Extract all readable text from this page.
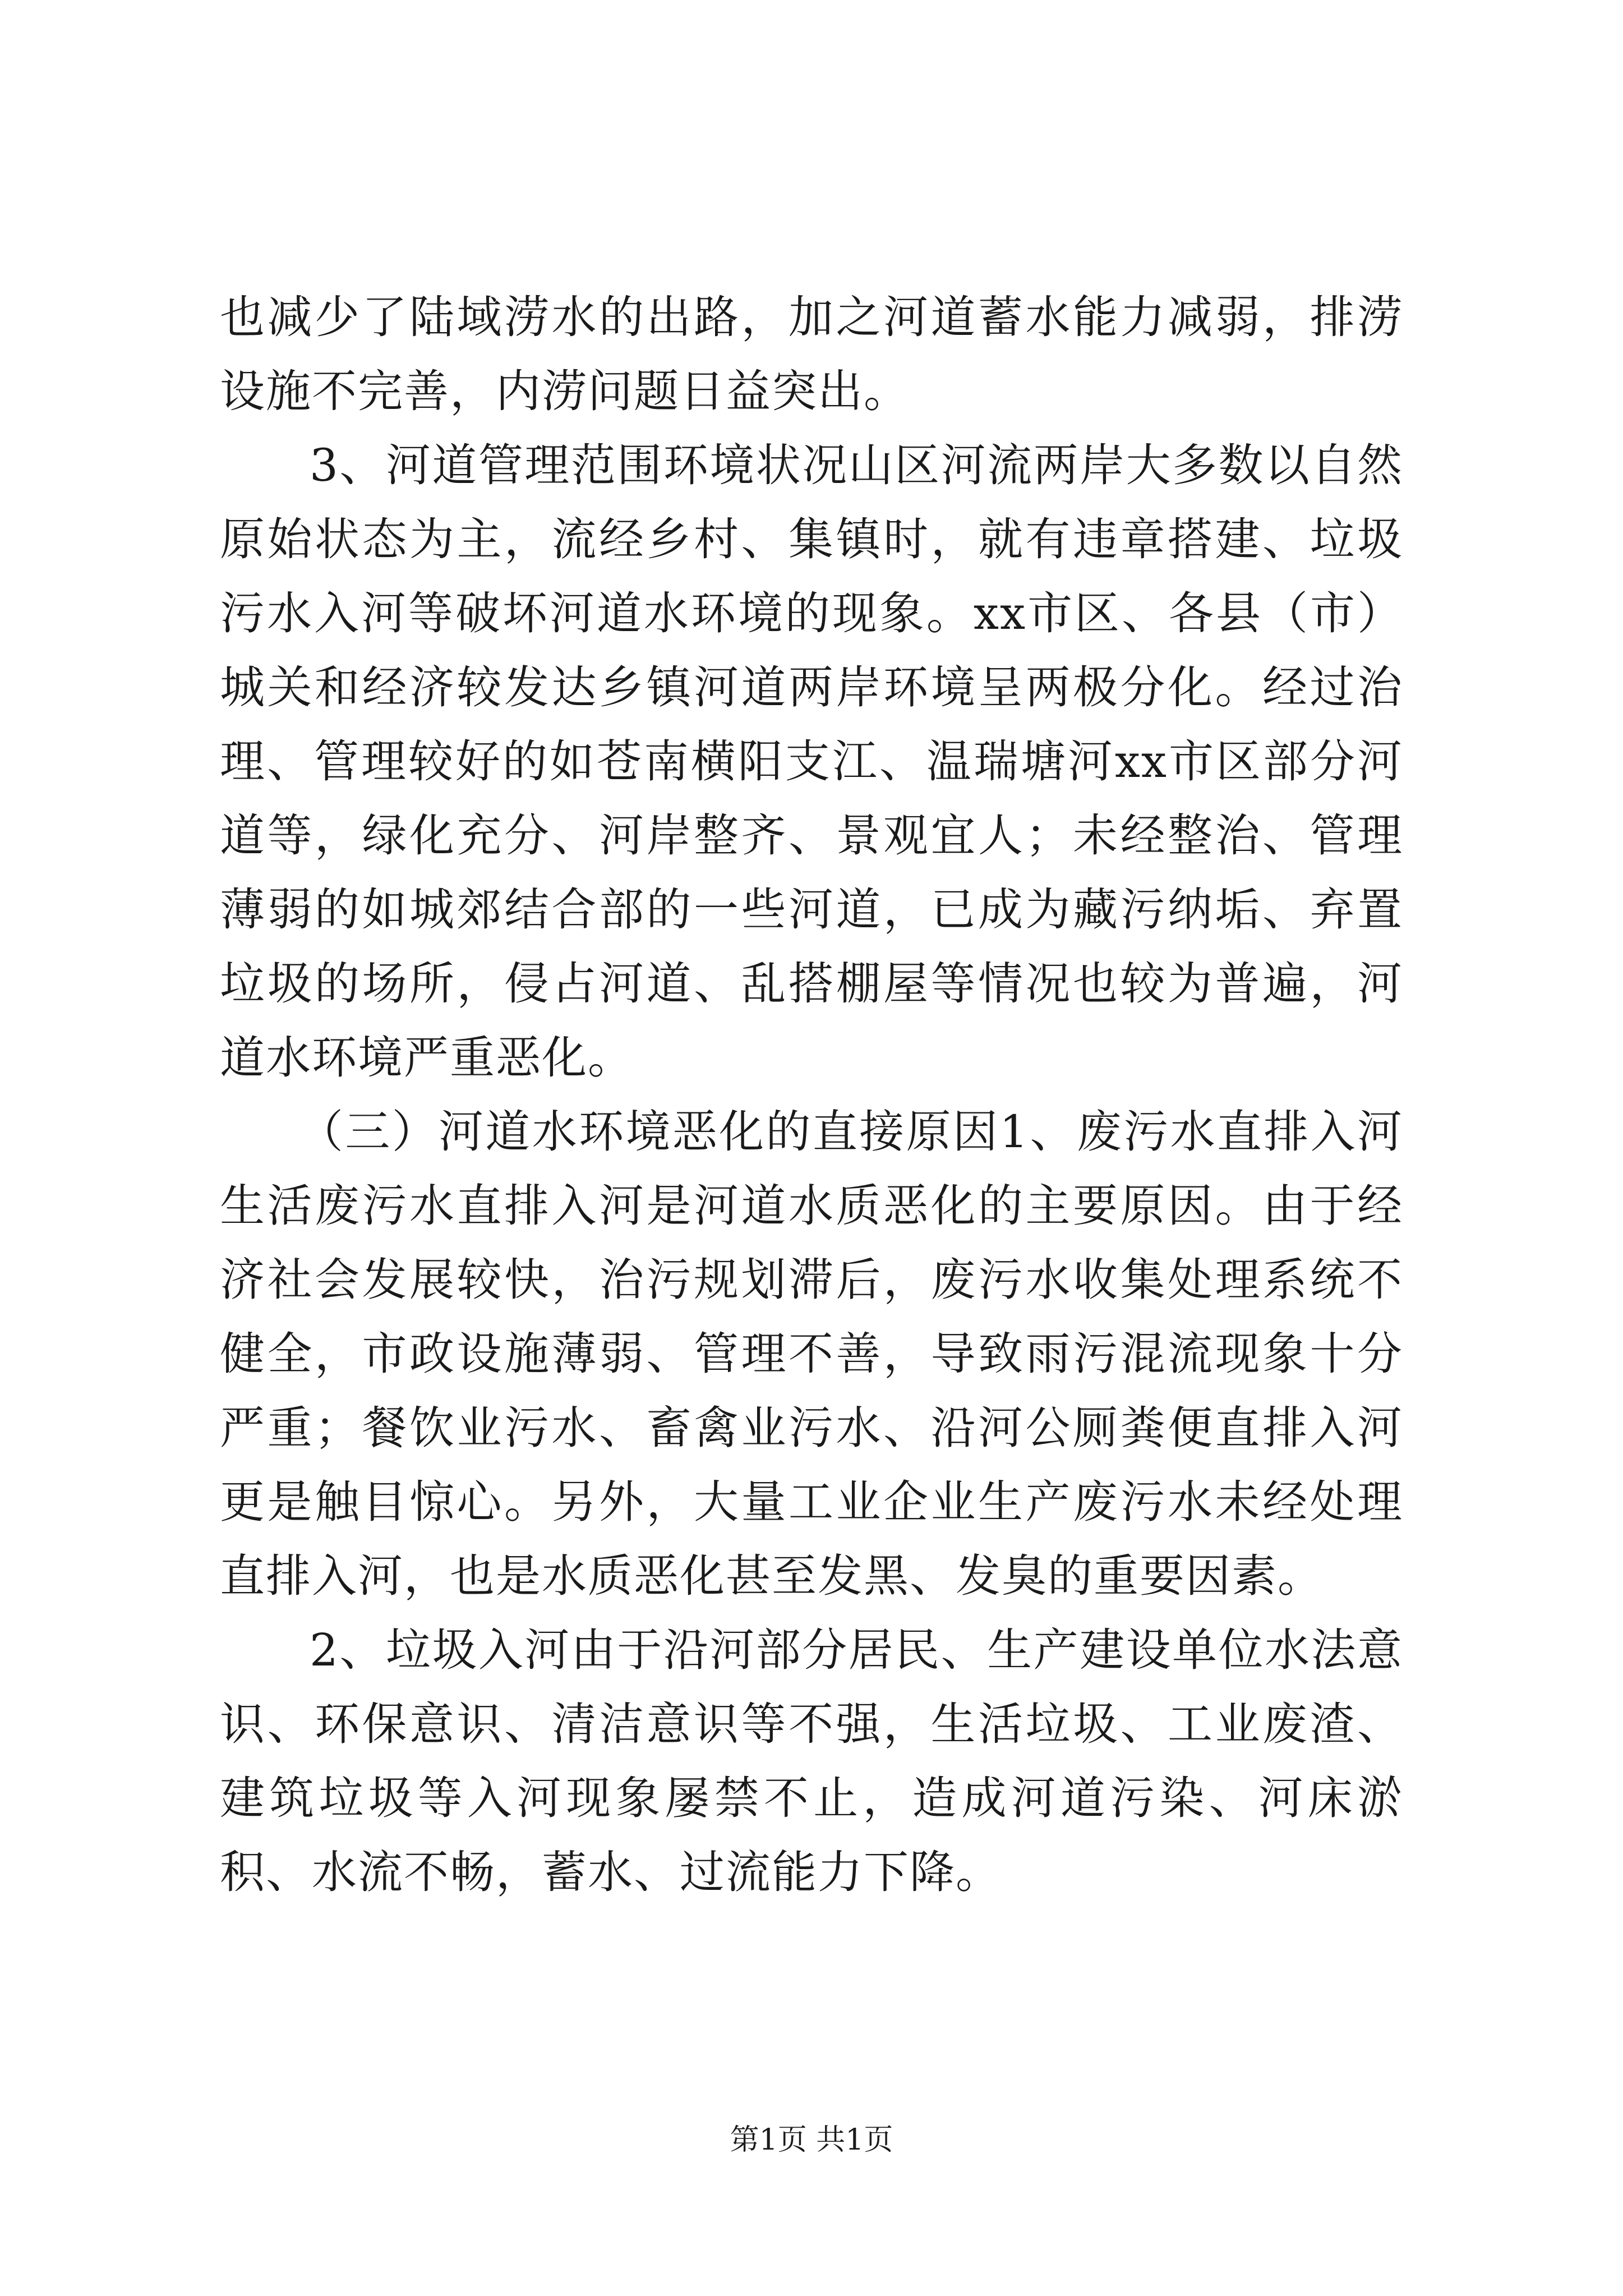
也减少了陆域涝水的出路，加之河道蓄水能力减弱，排涝设施不完善，内涝问题日益突出。

3、河道管理范围环境状况山区河流两岸大多数以自然原始状态为主，流经乡村、集镇时，就有违章搭建、垃圾污水入河等破坏河道水环境的现象。xx市区、各县（市）城关和经济较发达乡镇河道两岸环境呈两极分化。经过治理、管理较好的如苍南横阳支江、温瑞塘河xx市区部分河道等，绿化充分、河岸整齐、景观宜人；未经整治、管理薄弱的如城郊结合部的一些河道，已成为藏污纳垢、弃置垃圾的场所，侵占河道、乱搭棚屋等情况也较为普遍，河道水环境严重恶化。

（三）河道水环境恶化的直接原因1、废污水直排入河生活废污水直排入河是河道水质恶化的主要原因。由于经济社会发展较快，治污规划滞后，废污水收集处理系统不健全，市政设施薄弱、管理不善，导致雨污混流现象十分严重；餐饮业污水、畜禽业污水、沿河公厕粪便直排入河更是触目惊心。另外，大量工业企业生产废污水未经处理直排入河，也是水质恶化甚至发黑、发臭的重要因素。

2、垃圾入河由于沿河部分居民、生产建设单位水法意识、环保意识、清洁意识等不强，生活垃圾、工业废渣、建筑垃圾等入河现象屡禁不止，造成河道污染、河床淤积、水流不畅，蓄水、过流能力下降。

第1页 共1页
